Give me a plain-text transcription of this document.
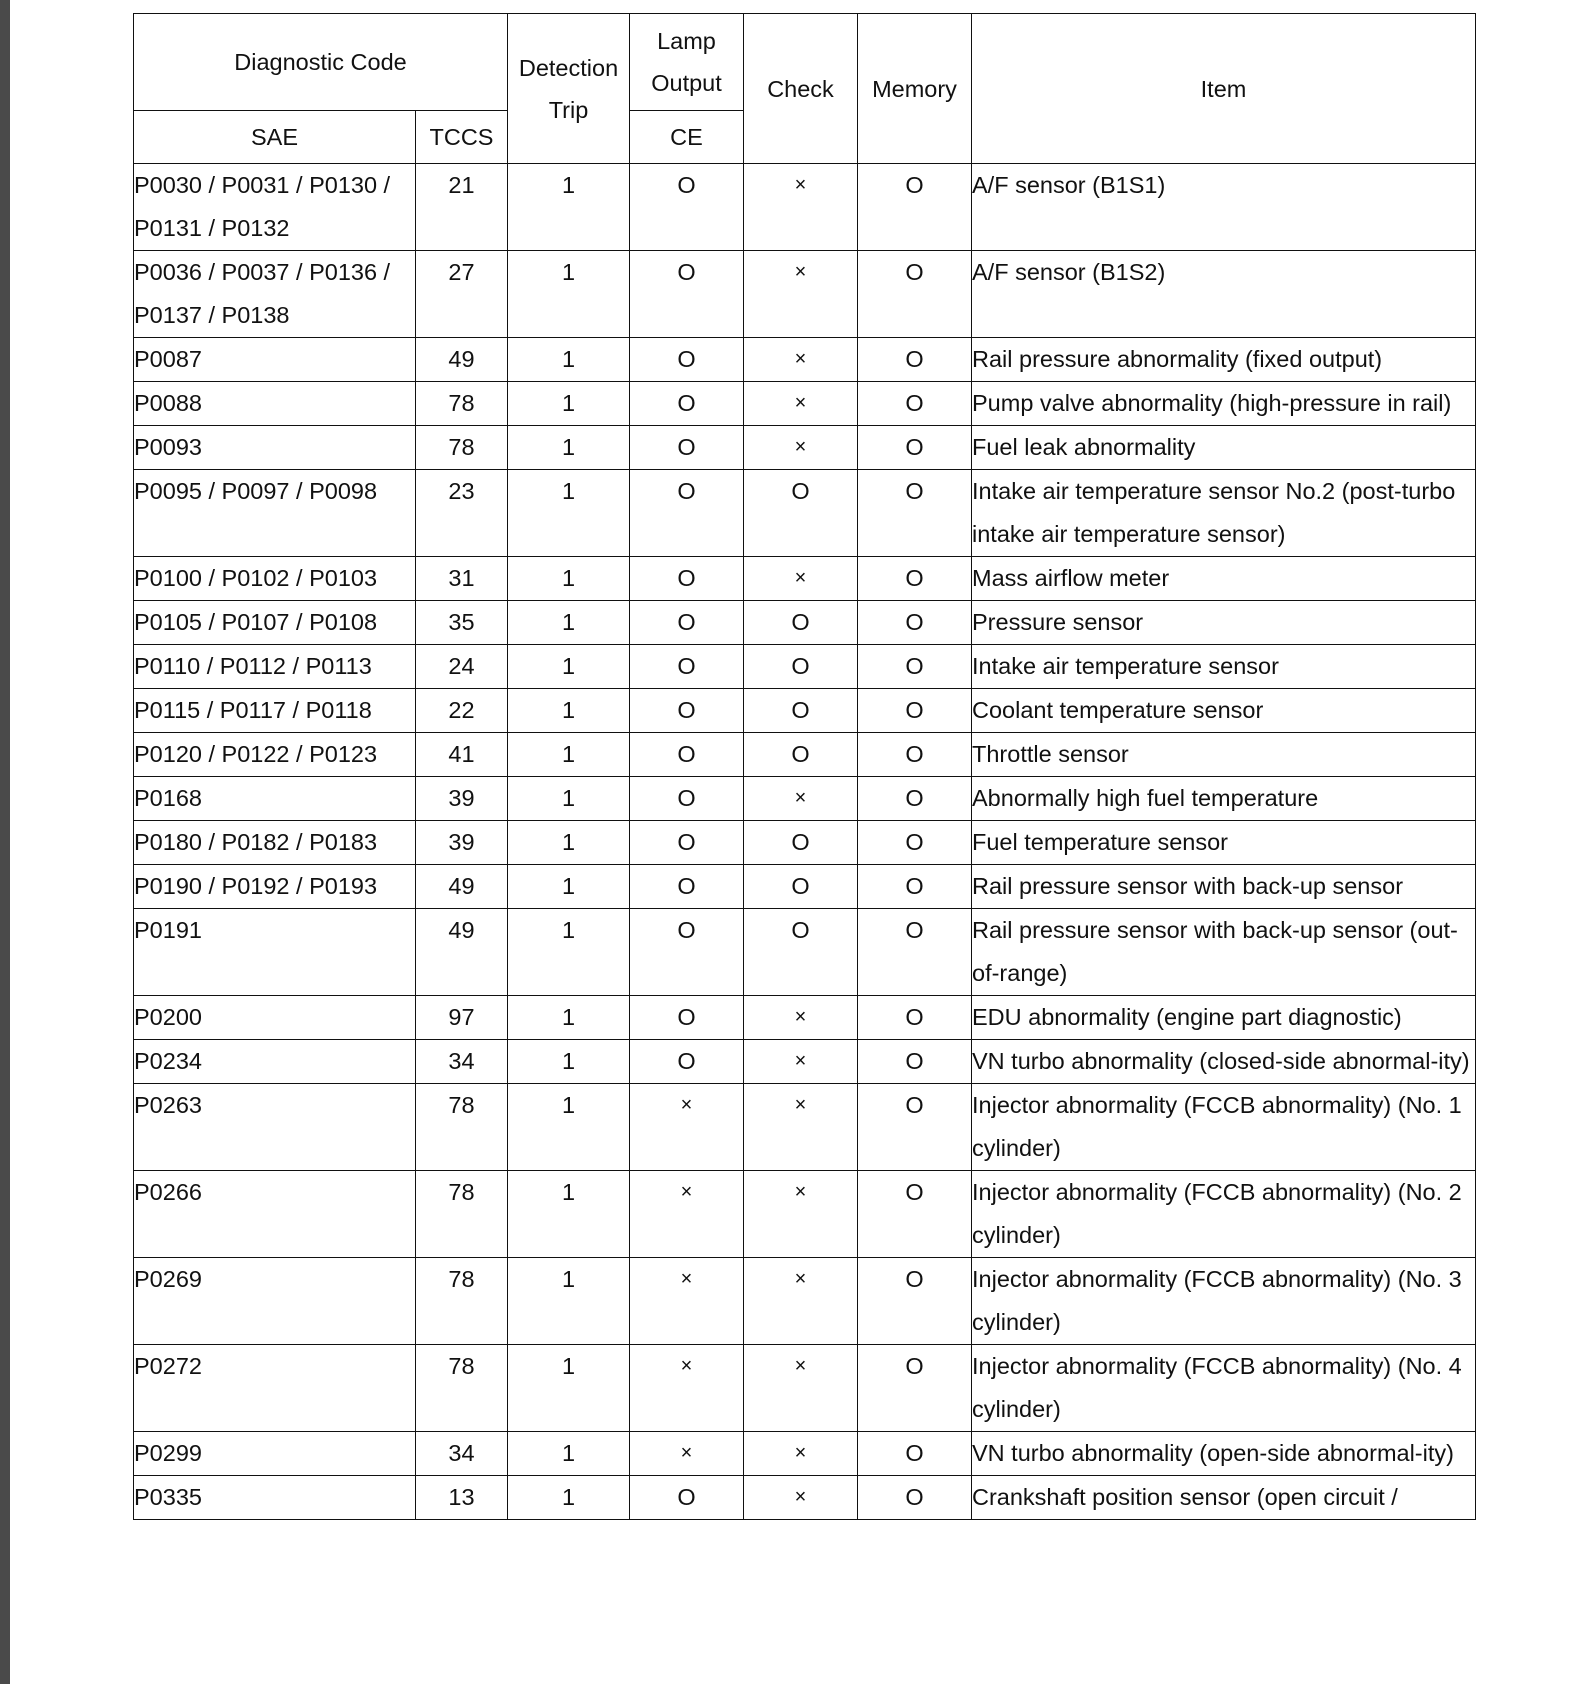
Diagnostic Code		Detection Trip	Lamp Output	Check	Memory	Item
SAE	TCCS		CE			
P0030 / P0031 / P0130 / P0131 / P0132	21	1	O	×	O	A/F sensor (B1S1)
P0036 / P0037 / P0136 / P0137 / P0138	27	1	O	×	O	A/F sensor (B1S2)
P0087	49	1	O	×	O	Rail pressure abnormality (fixed output)
P0088	78	1	O	×	O	Pump valve abnormality (high-pressure in rail)
P0093	78	1	O	×	O	Fuel leak abnormality
P0095 / P0097 / P0098	23	1	O	O	O	Intake air temperature sensor No.2 (post-turbo intake air temperature sensor)
P0100 / P0102 / P0103	31	1	O	×	O	Mass airflow meter
P0105 / P0107 / P0108	35	1	O	O	O	Pressure sensor
P0110 / P0112 / P0113	24	1	O	O	O	Intake air temperature sensor
P0115 / P0117 / P0118	22	1	O	O	O	Coolant temperature sensor
P0120 / P0122 / P0123	41	1	O	O	O	Throttle sensor
P0168	39	1	O	×	O	Abnormally high fuel temperature
P0180 / P0182 / P0183	39	1	O	O	O	Fuel temperature sensor
P0190 / P0192 / P0193	49	1	O	O	O	Rail pressure sensor with back-up sensor
P0191	49	1	O	O	O	Rail pressure sensor with back-up sensor (out-of-range)
P0200	97	1	O	×	O	EDU abnormality (engine part diagnostic)
P0234	34	1	O	×	O	VN turbo abnormality (closed-side abnormal-ity)
P0263	78	1	×	×	O	Injector abnormality (FCCB abnormality) (No. 1 cylinder)
P0266	78	1	×	×	O	Injector abnormality (FCCB abnormality) (No. 2 cylinder)
P0269	78	1	×	×	O	Injector abnormality (FCCB abnormality) (No. 3 cylinder)
P0272	78	1	×	×	O	Injector abnormality (FCCB abnormality) (No. 4 cylinder)
P0299	34	1	×	×	O	VN turbo abnormality (open-side abnormal-ity)
P0335	13	1	O	×	O	Crankshaft position sensor (open circuit /
